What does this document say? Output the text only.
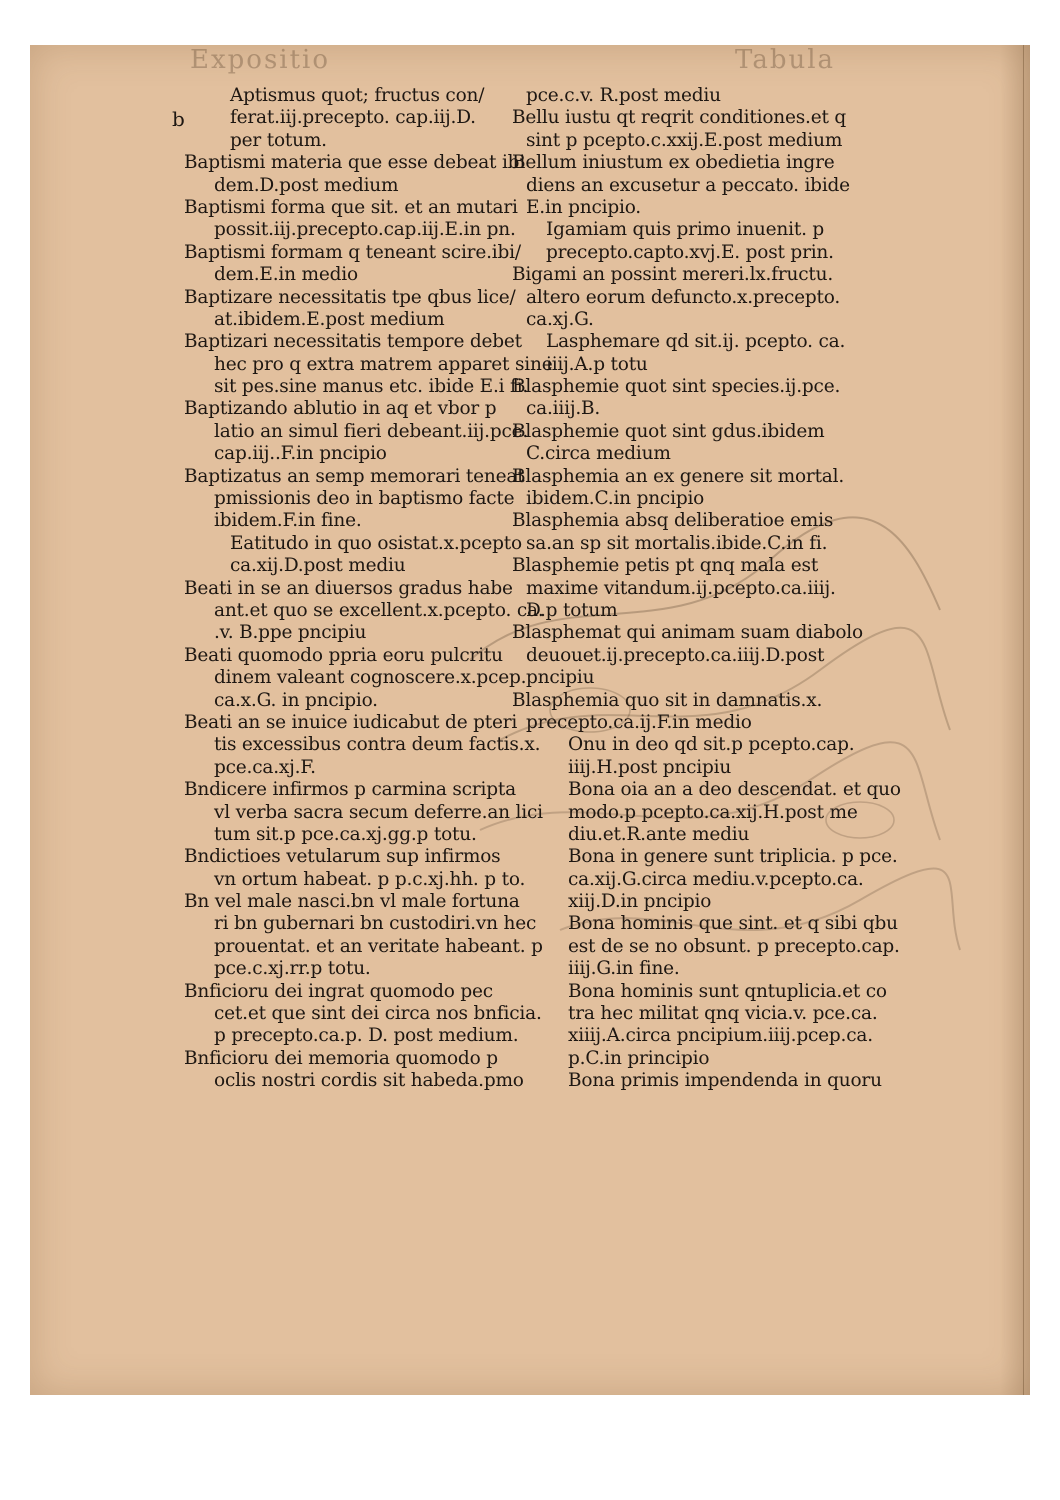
Expositio	Tabula
b
Aptismus quot; fructus con/
ferat.iij.precepto. cap.iij.D.
per totum.
Baptismi materia que esse debeat ibi
dem.D.post medium
Baptismi forma que sit. et an mutari
possit.iij.precepto.cap.iij.E.in pn.
Baptismi formam q teneant scire.ibi/
dem.E.in medio
Baptizare necessitatis tpe qbus lice/
at.ibidem.E.post medium
Baptizari necessitatis tempore debet
hec pro q extra matrem apparet sine
sit pes.sine manus etc. ibide E.i fi.
Baptizando ablutio in aq et vbor p
latio an simul fieri debeant.iij.pce.
cap.iij..F.in pncipio
Baptizatus an semp memorari teneat
pmissionis deo in baptismo facte
ibidem.F.in fine.
Eatitudo in quo osistat.x.pcepto
ca.xij.D.post mediu
Beati in se an diuersos gradus habe
ant.et quo se excellent.x.pcepto. ca.
.v. B.ppe pncipiu
Beati quomodo ppria eoru pulcritu
dinem valeant cognoscere.x.pcep.
ca.x.G. in pncipio.
Beati an se inuice iudicabut de pteri
tis excessibus contra deum factis.x.
pce.ca.xj.F.
Bndicere infirmos p carmina scripta
vl verba sacra secum deferre.an lici
tum sit.p pce.ca.xj.gg.p totu.
Bndictioes vetularum sup infirmos
vn ortum habeat. p p.c.xj.hh. p to.
Bn vel male nasci.bn vl male fortuna
ri bn gubernari bn custodiri.vn hec
prouentat. et an veritate habeant. p
pce.c.xj.rr.p totu.
Bnficioru dei ingrat quomodo pec
cet.et que sint dei circa nos bnficia.
p precepto.ca.p. D. post medium.
Bnficioru dei memoria quomodo p
oclis nostri cordis sit habeda.pmo
pce.c.v. R.post mediu
Bellu iustu qt reqrit conditiones.et q
sint p pcepto.c.xxij.E.post medium
Bellum iniustum ex obedietia ingre
diens an excusetur a peccato. ibide
E.in pncipio.
Igamiam quis primo inuenit. p
precepto.capto.xvj.E. post prin.
Bigami an possint mereri.lx.fructu.
altero eorum defuncto.x.precepto.
ca.xj.G.
Lasphemare qd sit.ij. pcepto. ca.
iiij.A.p totu
Blasphemie quot sint species.ij.pce.
ca.iiij.B.
Blasphemie quot sint gdus.ibidem
C.circa medium
Blasphemia an ex genere sit mortal.
ibidem.C.in pncipio
Blasphemia absq deliberatioe emis
sa.an sp sit mortalis.ibide.C.in fi.
Blasphemie petis pt qnq mala est
maxime vitandum.ij.pcepto.ca.iiij.
D.p totum
Blasphemat qui animam suam diabolo
deuouet.ij.precepto.ca.iiij.D.post
pncipiu
Blasphemia quo sit in damnatis.x.
precepto.ca.ij.F.in medio
Onu in deo qd sit.p pcepto.cap.
iiij.H.post pncipiu
Bona oia an a deo descendat. et quo
modo.p pcepto.ca.xij.H.post me
diu.et.R.ante mediu
Bona in genere sunt triplicia. p pce.
ca.xij.G.circa mediu.v.pcepto.ca.
xiij.D.in pncipio
Bona hominis que sint. et q sibi qbu
est de se no obsunt. p precepto.cap.
iiij.G.in fine.
Bona hominis sunt qntuplicia.et co
tra hec militat qnq vicia.v. pce.ca.
xiiij.A.circa pncipium.iiij.pcep.ca.
p.C.in principio
Bona primis impendenda in quoru
